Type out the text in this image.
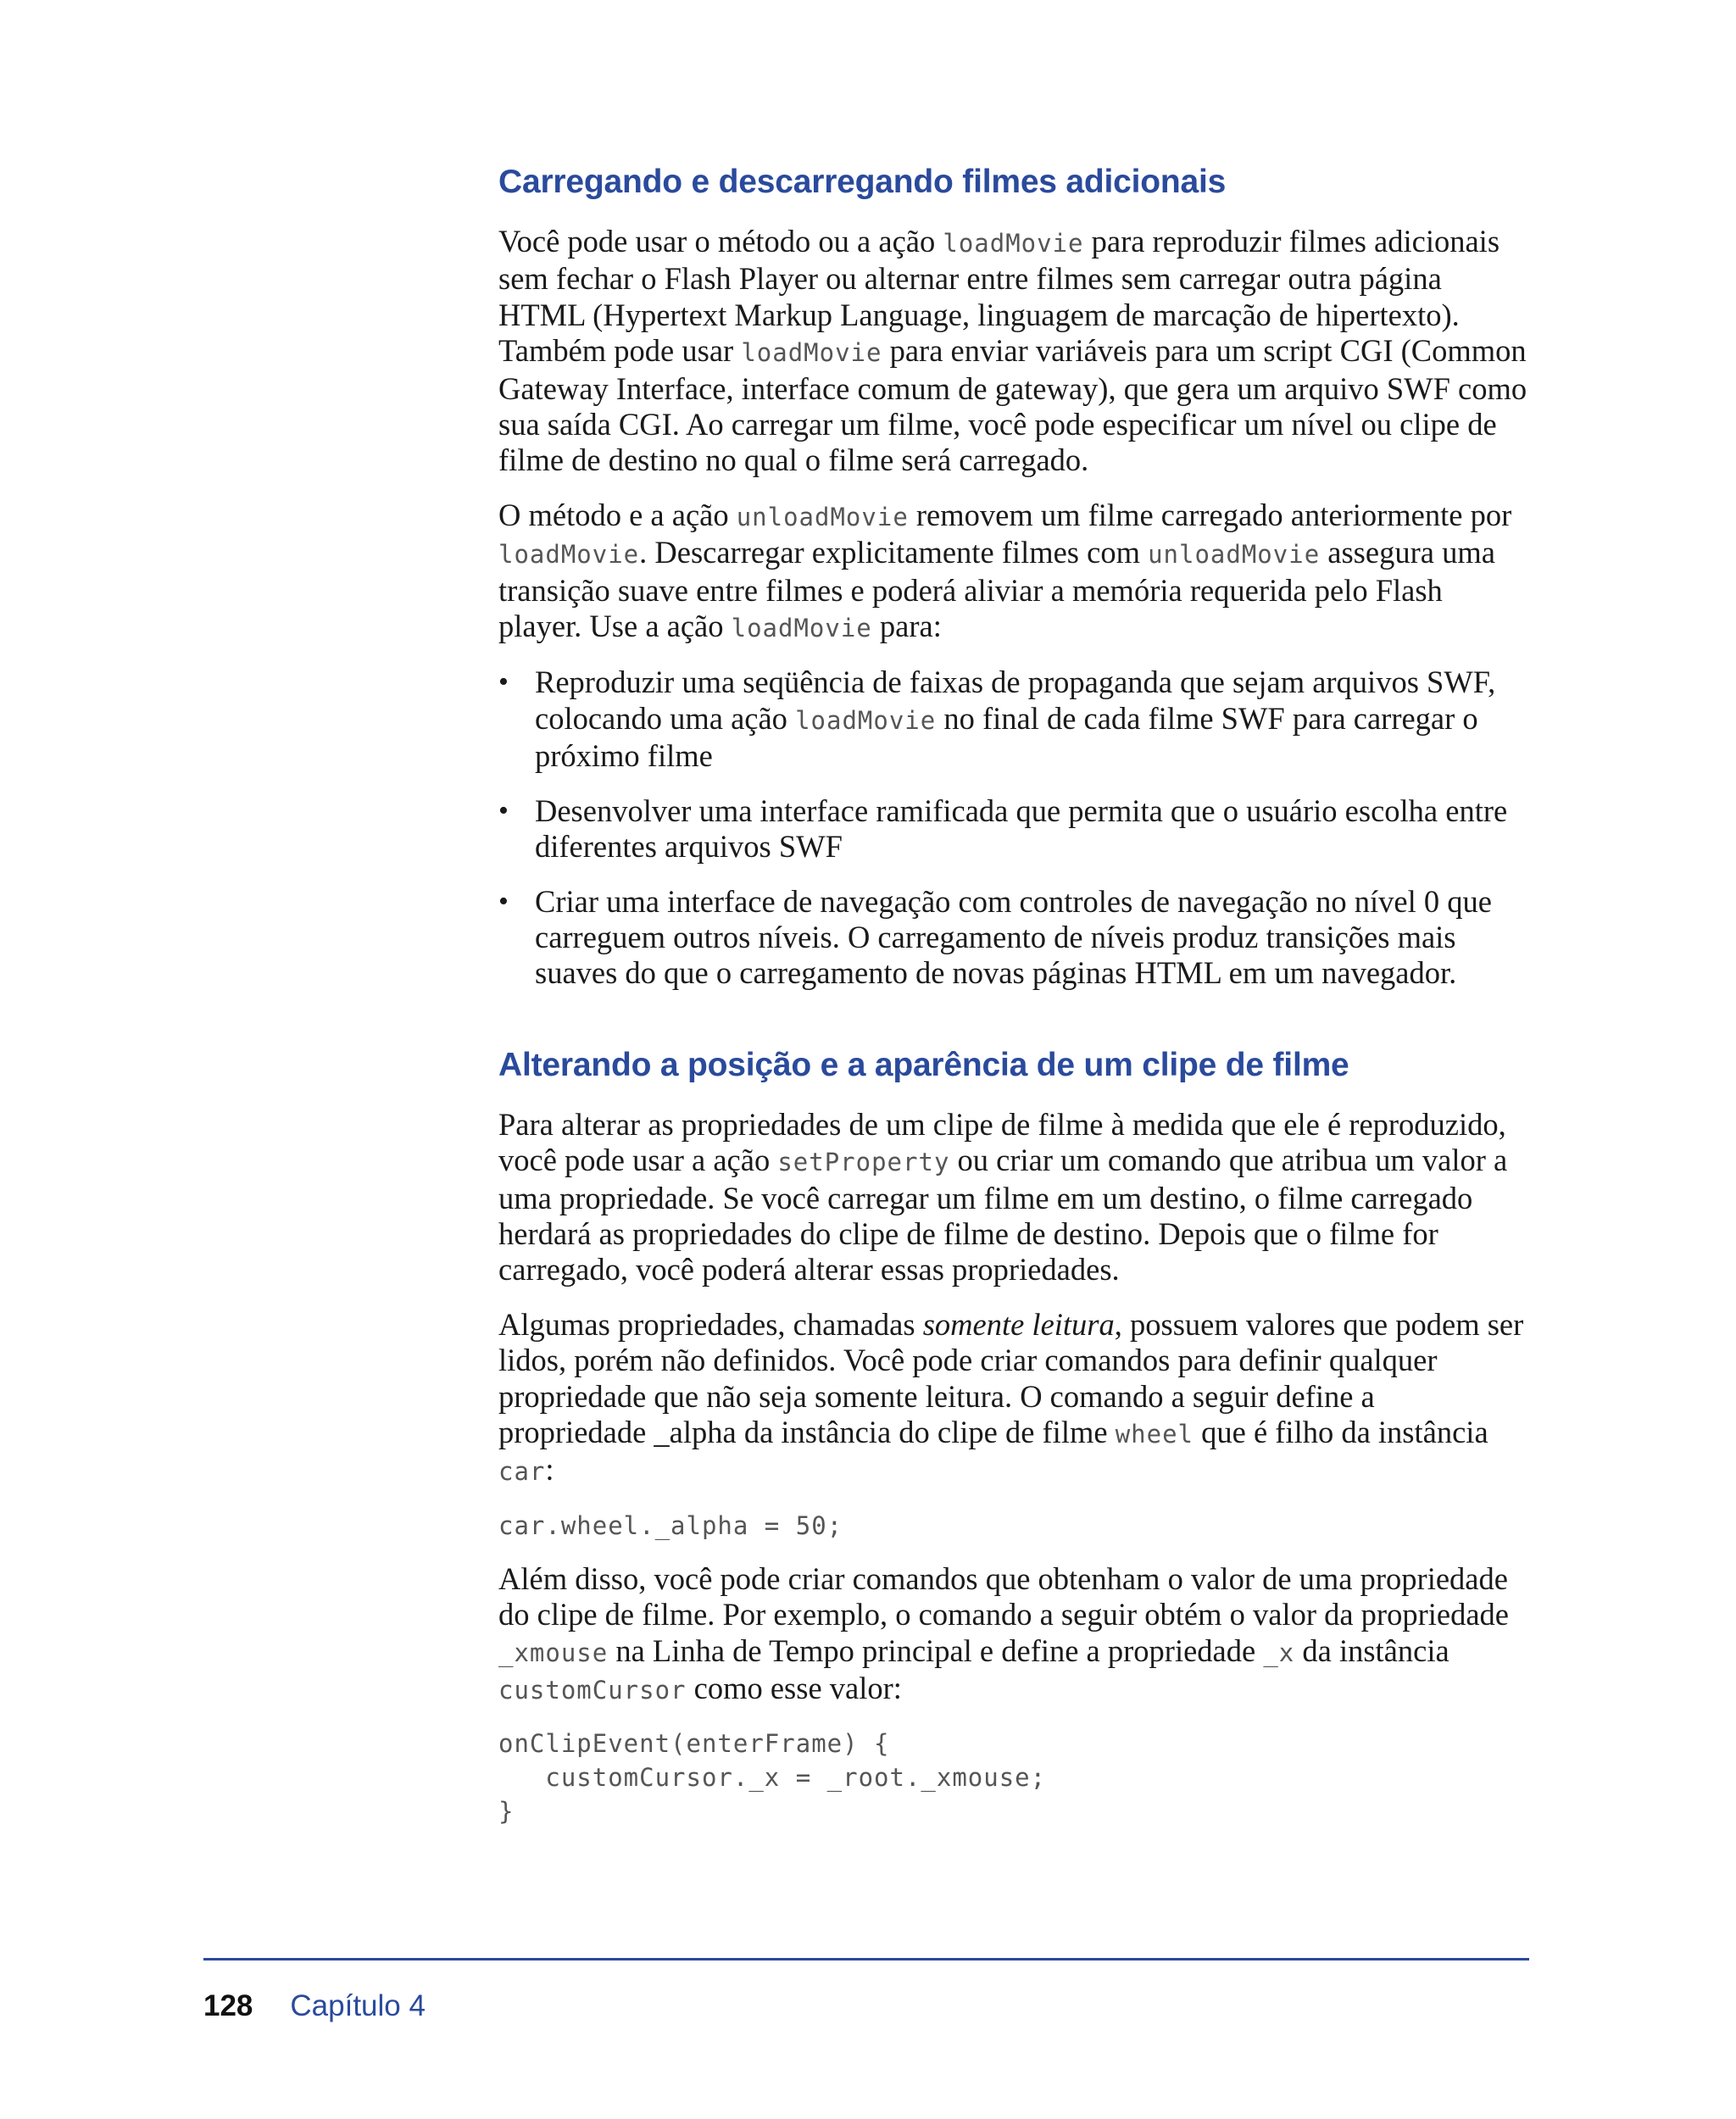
Carregando e descarregando filmes adicionais

Você pode usar o método ou a ação loadMovie para reproduzir filmes adicionais sem fechar o Flash Player ou alternar entre filmes sem carregar outra página HTML (Hypertext Markup Language, linguagem de marcação de hipertexto). Também pode usar loadMovie para enviar variáveis para um script CGI (Common Gateway Interface, interface comum de gateway), que gera um arquivo SWF como sua saída CGI. Ao carregar um filme, você pode especificar um nível ou clipe de filme de destino no qual o filme será carregado.

O método e a ação unloadMovie removem um filme carregado anteriormente por loadMovie. Descarregar explicitamente filmes com unloadMovie assegura uma transição suave entre filmes e poderá aliviar a memória requerida pelo Flash player. Use a ação loadMovie para:

• Reproduzir uma seqüência de faixas de propaganda que sejam arquivos SWF, colocando uma ação loadMovie no final de cada filme SWF para carregar o próximo filme
• Desenvolver uma interface ramificada que permita que o usuário escolha entre diferentes arquivos SWF
• Criar uma interface de navegação com controles de navegação no nível 0 que carreguem outros níveis. O carregamento de níveis produz transições mais suaves do que o carregamento de novas páginas HTML em um navegador.
Alterando a posição e a aparência de um clipe de filme

Para alterar as propriedades de um clipe de filme à medida que ele é reproduzido, você pode usar a ação setProperty ou criar um comando que atribua um valor a uma propriedade. Se você carregar um filme em um destino, o filme carregado herdará as propriedades do clipe de filme de destino. Depois que o filme for carregado, você poderá alterar essas propriedades.

Algumas propriedades, chamadas somente leitura, possuem valores que podem ser lidos, porém não definidos. Você pode criar comandos para definir qualquer propriedade que não seja somente leitura. O comando a seguir define a propriedade _alpha da instância do clipe de filme wheel que é filho da instância car:

car.wheel._alpha = 50;

Além disso, você pode criar comandos que obtenham o valor de uma propriedade do clipe de filme. Por exemplo, o comando a seguir obtém o valor da propriedade _xmouse na Linha de Tempo principal e define a propriedade _x da instância customCursor como esse valor:

onClipEvent(enterFrame) {
customCursor._x = _root._xmouse;
}
128 Capítulo 4
